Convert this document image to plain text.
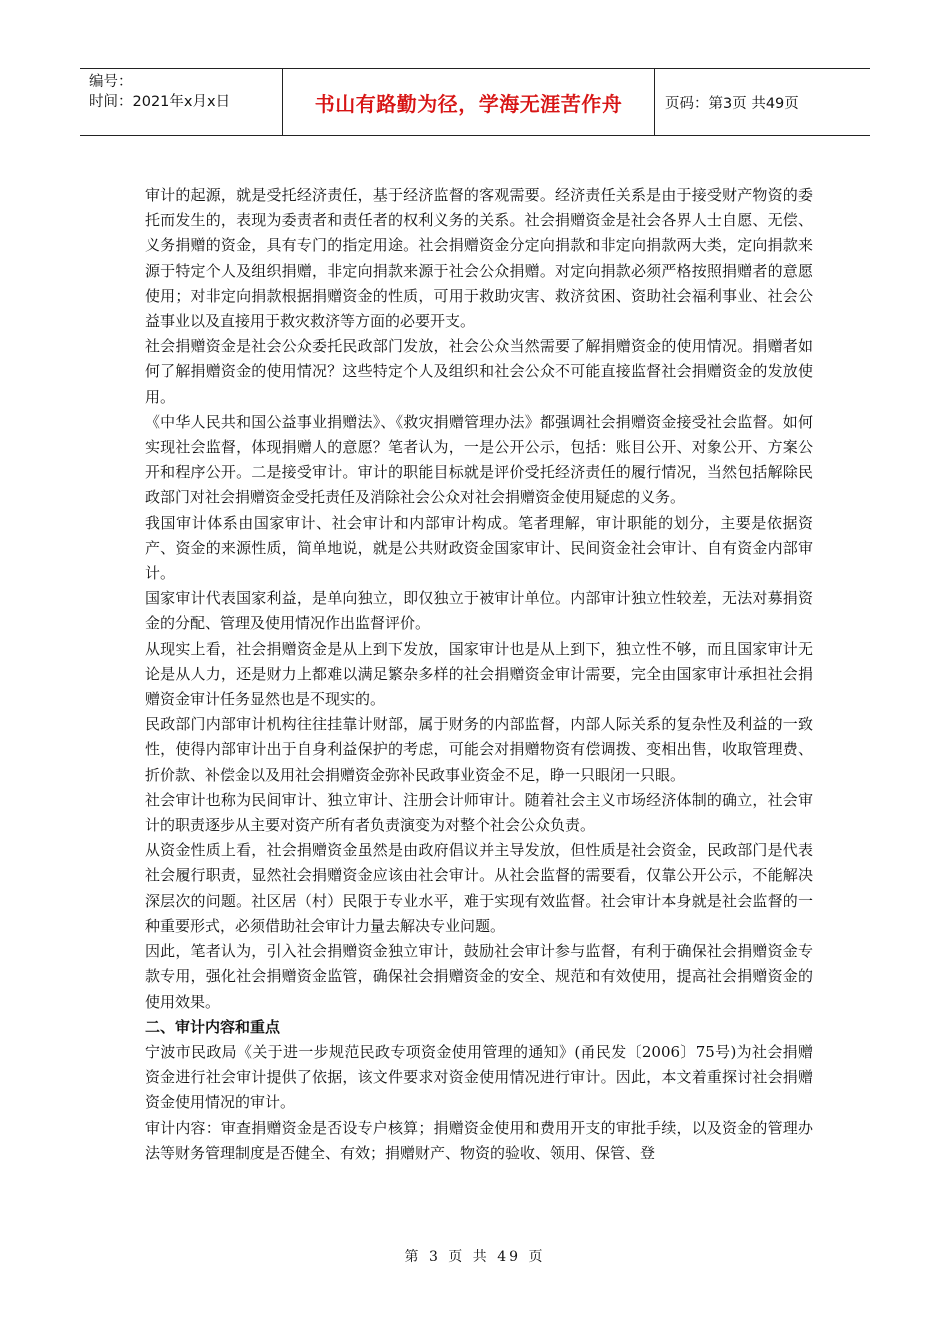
编号：
时间：2021年x月x日	书山有路勤为径，学海无涯苦作舟	页码：第3页 共49页

审计的起源，就是受托经济责任，基于经济监督的客观需要。经济责任关系是由于接受财产物资的委托而发生的，表现为委责者和责任者的权利义务的关系。社会捐赠资金是社会各界人士自愿、无偿、义务捐赠的资金，具有专门的指定用途。社会捐赠资金分定向捐款和非定向捐款两大类，定向捐款来源于特定个人及组织捐赠，非定向捐款来源于社会公众捐赠。对定向捐款必须严格按照捐赠者的意愿使用；对非定向捐款根据捐赠资金的性质，可用于救助灾害、救济贫困、资助社会福利事业、社会公益事业以及直接用于救灾救济等方面的必要开支。

社会捐赠资金是社会公众委托民政部门发放，社会公众当然需要了解捐赠资金的使用情况。捐赠者如何了解捐赠资金的使用情况？这些特定个人及组织和社会公众不可能直接监督社会捐赠资金的发放使用。

《中华人民共和国公益事业捐赠法》、《救灾捐赠管理办法》都强调社会捐赠资金接受社会监督。如何实现社会监督，体现捐赠人的意愿？笔者认为，一是公开公示，包括：账目公开、对象公开、方案公开和程序公开。二是接受审计。审计的职能目标就是评价受托经济责任的履行情况，当然包括解除民政部门对社会捐赠资金受托责任及消除社会公众对社会捐赠资金使用疑虑的义务。

我国审计体系由国家审计、社会审计和内部审计构成。笔者理解，审计职能的划分，主要是依据资产、资金的来源性质，简单地说，就是公共财政资金国家审计、民间资金社会审计、自有资金内部审计。

国家审计代表国家利益，是单向独立，即仅独立于被审计单位。内部审计独立性较差，无法对募捐资金的分配、管理及使用情况作出监督评价。

从现实上看，社会捐赠资金是从上到下发放，国家审计也是从上到下，独立性不够，而且国家审计无论是从人力，还是财力上都难以满足繁杂多样的社会捐赠资金审计需要，完全由国家审计承担社会捐赠资金审计任务显然也是不现实的。

民政部门内部审计机构往往挂靠计财部，属于财务的内部监督，内部人际关系的复杂性及利益的一致性，使得内部审计出于自身利益保护的考虑，可能会对捐赠物资有偿调拨、变相出售，收取管理费、折价款、补偿金以及用社会捐赠资金弥补民政事业资金不足，睁一只眼闭一只眼。

社会审计也称为民间审计、独立审计、注册会计师审计。随着社会主义市场经济体制的确立，社会审计的职责逐步从主要对资产所有者负责演变为对整个社会公众负责。

从资金性质上看，社会捐赠资金虽然是由政府倡议并主导发放，但性质是社会资金，民政部门是代表社会履行职责，显然社会捐赠资金应该由社会审计。从社会监督的需要看，仅靠公开公示，不能解决深层次的问题。社区居（村）民限于专业水平，难于实现有效监督。社会审计本身就是社会监督的一种重要形式，必须借助社会审计力量去解决专业问题。

因此，笔者认为，引入社会捐赠资金独立审计，鼓励社会审计参与监督，有利于确保社会捐赠资金专款专用，强化社会捐赠资金监管，确保社会捐赠资金的安全、规范和有效使用，提高社会捐赠资金的使用效果。

二、审计内容和重点

宁波市民政局《关于进一步规范民政专项资金使用管理的通知》(甬民发〔2006〕75号)为社会捐赠资金进行社会审计提供了依据，该文件要求对资金使用情况进行审计。因此，本文着重探讨社会捐赠资金使用情况的审计。

审计内容：审查捐赠资金是否设专户核算；捐赠资金使用和费用开支的审批手续，以及资金的管理办法等财务管理制度是否健全、有效；捐赠财产、物资的验收、领用、保管、登

第 3 页 共 49 页
